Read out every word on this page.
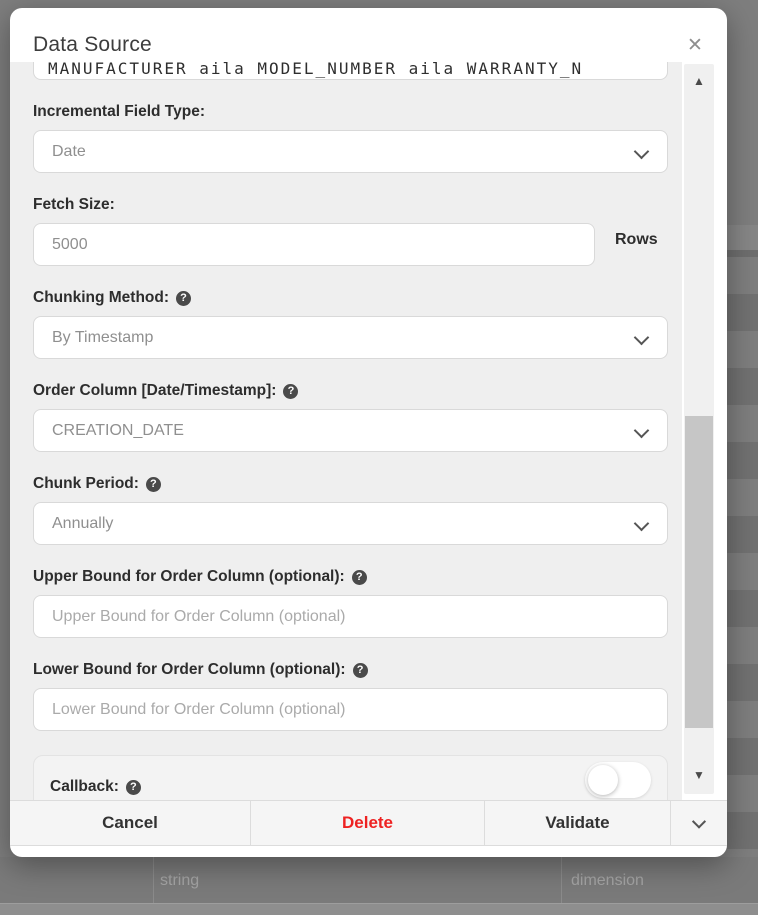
string	dimension
Data Source	✕
MANUFACTURER aila MODEL_NUMBER aila WARRANTY_N
Incremental Field Type:
Date
Fetch Size:
5000
Rows
Chunking Method:	?
By Timestamp
Order Column [Date/Timestamp]:	?
CREATION_DATE
Chunk Period:	?
Annually
Upper Bound for Order Column (optional):	?
Upper Bound for Order Column (optional)
Lower Bound for Order Column (optional):	?
Lower Bound for Order Column (optional)
Callback:	?
▲
▼
Cancel	Delete	Validate
